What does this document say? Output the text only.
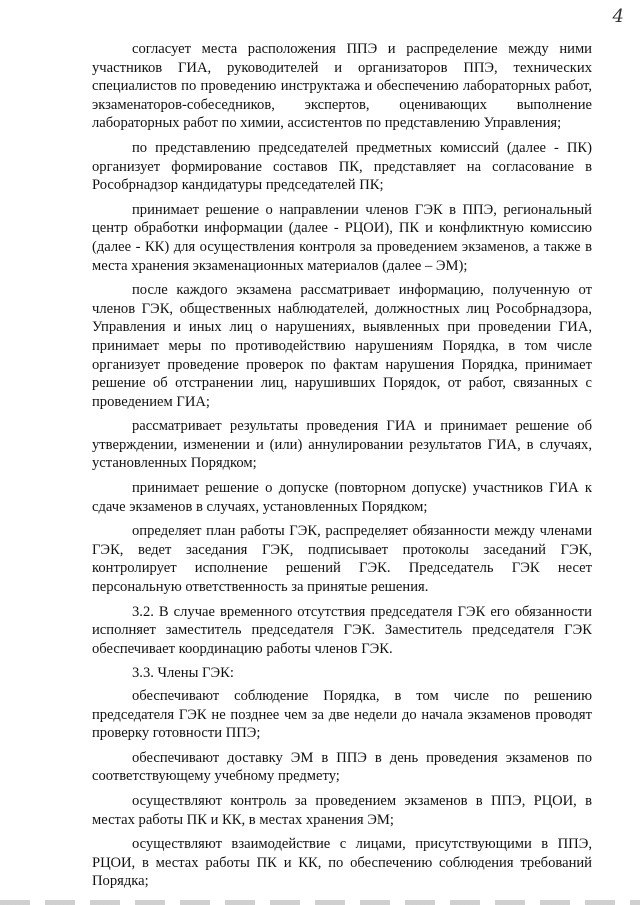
4

согласует места расположения ППЭ и распределение между ними участников ГИА, руководителей и организаторов ППЭ, технических специалистов по проведению инструктажа и обеспечению лабораторных работ, экзаменаторов-собеседников, экспертов, оценивающих выполнение лабораторных работ по химии, ассистентов по представлению Управления;

по представлению председателей предметных комиссий (далее - ПК) организует формирование составов ПК, представляет на согласование в Рособрнадзор кандидатуры председателей ПК;

принимает решение о направлении членов ГЭК в ППЭ, региональный центр обработки информации (далее - РЦОИ), ПК и конфликтную комиссию (далее - КК) для осуществления контроля за проведением экзаменов, а также в места хранения экзаменационных материалов (далее – ЭМ);

после каждого экзамена рассматривает информацию, полученную от членов ГЭК, общественных наблюдателей, должностных лиц Рособрнадзора, Управления и иных лиц о нарушениях, выявленных при проведении ГИА, принимает меры по противодействию нарушениям Порядка, в том числе организует проведение проверок по фактам нарушения Порядка, принимает решение об отстранении лиц, нарушивших Порядок, от работ, связанных с проведением ГИА;

рассматривает результаты проведения ГИА и принимает решение об утверждении, изменении и (или) аннулировании результатов ГИА, в случаях, установленных Порядком;

принимает решение о допуске (повторном допуске) участников ГИА к сдаче экзаменов в случаях, установленных Порядком;

определяет план работы ГЭК, распределяет обязанности между членами ГЭК, ведет заседания ГЭК, подписывает протоколы заседаний ГЭК, контролирует исполнение решений ГЭК. Председатель ГЭК несет персональную ответственность за принятые решения.

3.2. В случае временного отсутствия председателя ГЭК его обязанности исполняет заместитель председателя ГЭК. Заместитель председателя ГЭК обеспечивает координацию работы членов ГЭК.

3.3. Члены ГЭК:

обеспечивают соблюдение Порядка, в том числе по решению председателя ГЭК не позднее чем за две недели до начала экзаменов проводят проверку готовности ППЭ;

обеспечивают доставку ЭМ в ППЭ в день проведения экзаменов по соответствующему учебному предмету;

осуществляют контроль за проведением экзаменов в ППЭ, РЦОИ, в местах работы ПК и КК, в местах хранения ЭМ;

осуществляют взаимодействие с лицами, присутствующими в ППЭ, РЦОИ, в местах работы ПК и КК, по обеспечению соблюдения требований Порядка;
